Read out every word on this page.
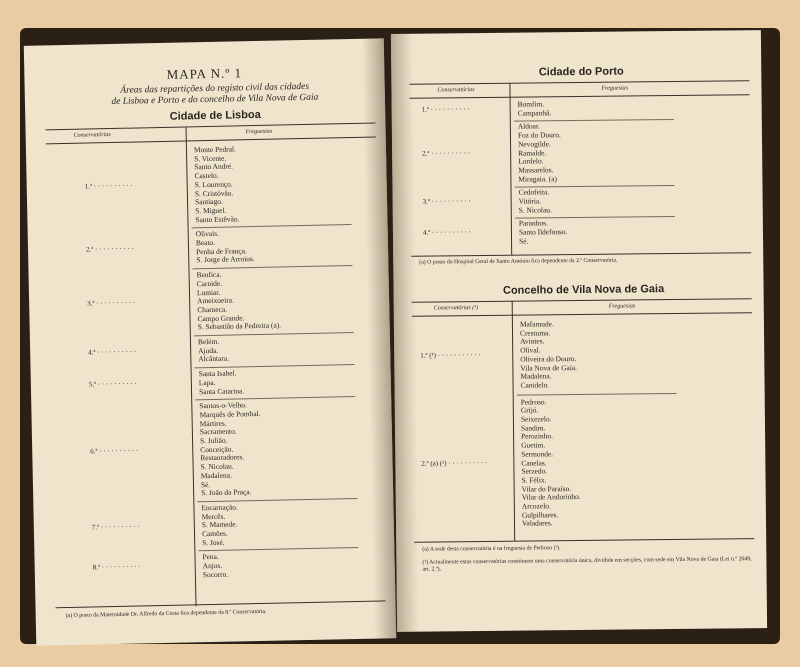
MAPA N.º 1
Áreas das repartições do registo civil das cidades
de Lisboa e Porto e do concelho de Vila Nova de Gaia
Cidade de Lisboa
Conservatórias
Freguesias
1.ª · · · · · · · · · ·
Monte Pedral.
S. Vicente.
Santo André.
Castelo.
S. Lourenço.
S. Cristóvão.
Santiago.
S. Miguel.
Santo Estêvão.
2.ª · · · · · · · · · ·
Olivais.
Beato.
Penha de França.
S. Jorge de Arroios.
3.ª · · · · · · · · · ·
Benfica.
Carnide.
Lumiar.
Ameixoeira.
Charneca.
Campo Grande.
S. Sebastião da Pedreira (a).
4.ª · · · · · · · · · ·
Belém.
Ajuda.
Alcântara.
5.ª · · · · · · · · · ·
Santa Isabel.
Lapa.
Santa Catarina.
6.ª · · · · · · · · · ·
Santos-o-Velho.
Marquês de Pombal.
Mártires.
Sacramento.
S. Julião.
Conceição.
Restauradores.
S. Nicolau.
Madalena.
Sé.
S. João da Praça.
7.ª · · · · · · · · · ·
Encarnação.
Mercês.
S. Mamede.
Camões.
S. José.
8.ª · · · · · · · · · ·
Pena.
Anjos.
Socorro.
(a) O posto da Maternidade Dr. Alfredo da Costa fica dependente da 8.ª Conservatória.
Cidade do Porto
Conservatórias	Freguesias
1.ª · · · · · · · · · ·
Bomfim.
Campanhã.
2.ª · · · · · · · · · ·
Aldoar.
Foz do Douro.
Nevogilde.
Ramalde.
Lordelo.
Massarelos.
Miragaia. (a)
3.ª · · · · · · · · · ·
Cedofeita.
Vitória.
S. Nicolau.
4.ª · · · · · · · · · ·
Paranhos.
Santo Ildefonso.
Sé.
(a) O posto do Hospital Geral de Santo António fica dependente da 2.ª Conservatória.
Concelho de Vila Nova de Gaia
Conservatórias (¹)	Freguesias
1.ª (¹) · · · · · · · · · · ·
Mafamude.
Crestuma.
Avintes.
Olival.
Oliveira do Douro.
Vila Nova de Gaia.
Madalena.
Canidelo.
2.ª (a) (¹) · · · · · · · · · ·
Pedroso.
Grijó.
Seixezelo.
Sandim.
Perozinho.
Guetim.
Sermonde.
Canelas.
Serzedo.
S. Félix.
Vilar do Paraíso.
Vilar de Andorinho.
Arcozelo.
Gulpilhares.
Valadares.
(a) A sede desta conservatória é na freguesia de Pedroso (¹).
(¹) Actualmente estas conservatórias constituem uma conservatória única, dividida em secções, com sede em Vila Nova de Gaia (Lei n.º 2049, art. 2.º).
